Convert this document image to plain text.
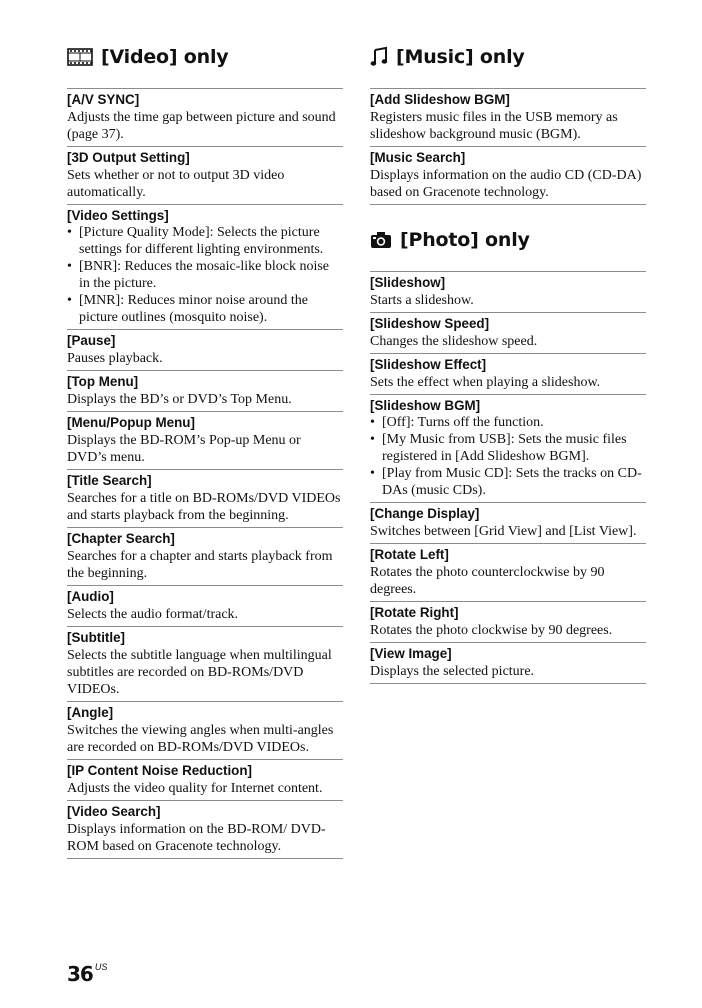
[Video] only
[A/V SYNC]
Adjusts the time gap between picture and sound (page 37).
[3D Output Setting]
Sets whether or not to output 3D video automatically.
[Video Settings]
• [Picture Quality Mode]: Selects the picture settings for different lighting environments.
• [BNR]: Reduces the mosaic-like block noise in the picture.
• [MNR]: Reduces minor noise around the picture outlines (mosquito noise).
[Pause]
Pauses playback.
[Top Menu]
Displays the BD’s or DVD’s Top Menu.
[Menu/Popup Menu]
Displays the BD-ROM’s Pop-up Menu or DVD’s menu.
[Title Search]
Searches for a title on BD-ROMs/DVD VIDEOs and starts playback from the beginning.
[Chapter Search]
Searches for a chapter and starts playback from the beginning.
[Audio]
Selects the audio format/track.
[Subtitle]
Selects the subtitle language when multilingual subtitles are recorded on BD-ROMs/DVD VIDEOs.
[Angle]
Switches the viewing angles when multi-angles are recorded on BD-ROMs/DVD VIDEOs.
[IP Content Noise Reduction]
Adjusts the video quality for Internet content.
[Video Search]
Displays information on the BD-ROM/ DVD-ROM based on Gracenote technology.
[Music] only
[Add Slideshow BGM]
Registers music files in the USB memory as slideshow background music (BGM).
[Music Search]
Displays information on the audio CD (CD-DA) based on Gracenote technology.
[Photo] only
[Slideshow]
Starts a slideshow.
[Slideshow Speed]
Changes the slideshow speed.
[Slideshow Effect]
Sets the effect when playing a slideshow.
[Slideshow BGM]
• [Off]: Turns off the function.
• [My Music from USB]: Sets the music files registered in [Add Slideshow BGM].
• [Play from Music CD]: Sets the tracks on CD-DAs (music CDs).
[Change Display]
Switches between [Grid View] and [List View].
[Rotate Left]
Rotates the photo counterclockwise by 90 degrees.
[Rotate Right]
Rotates the photo clockwise by 90 degrees.
[View Image]
Displays the selected picture.
36 $^{US}$
